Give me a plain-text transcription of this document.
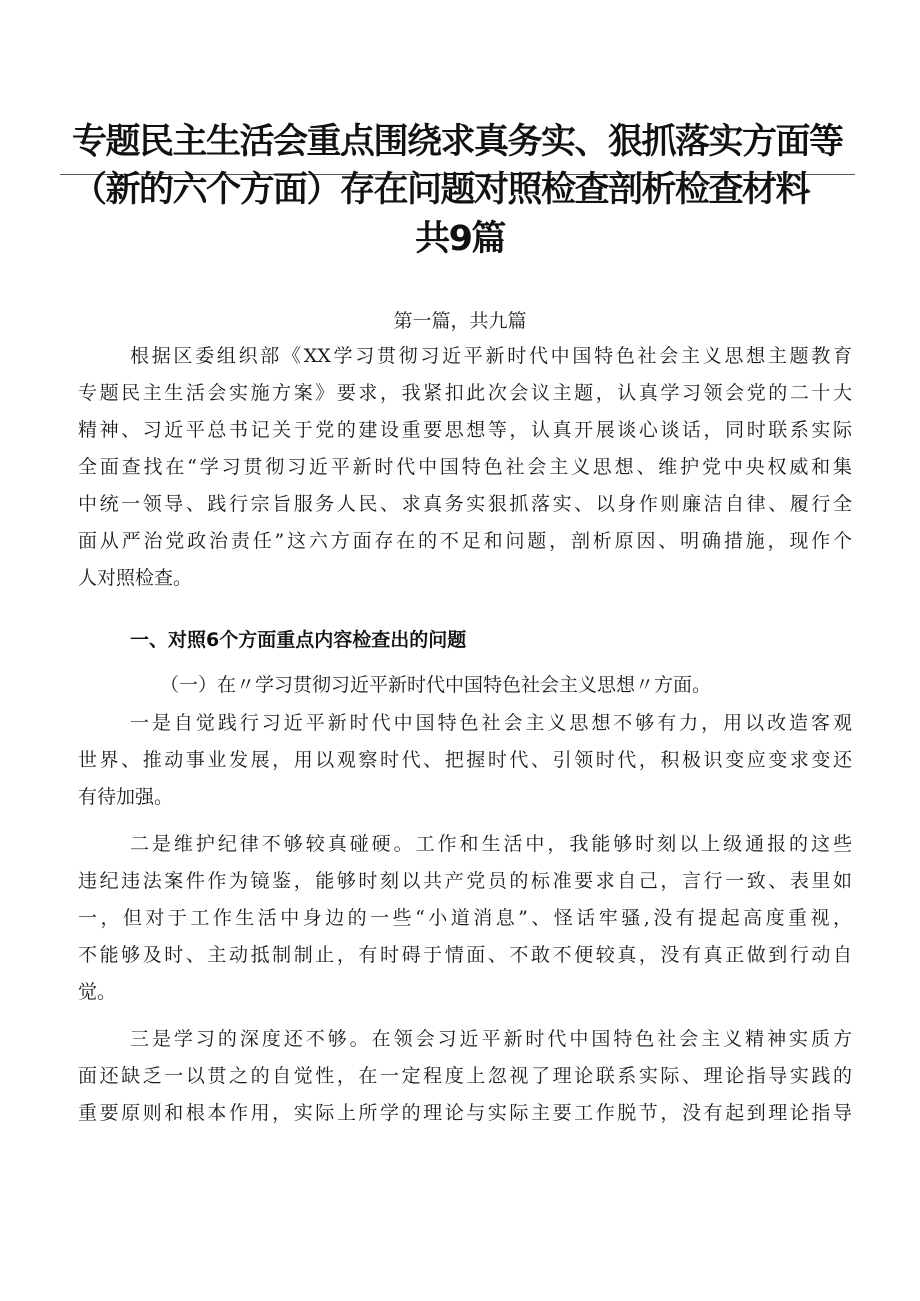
专题民主生活会重点围绕求真务实、狠抓落实方面等
（新的六个方面）存在问题对照检查剖析检查材料
共9篇
第一篇，共九篇
根据区委组织部《XX学习贯彻习近平新时代中国特色社会主义思想主题教育
专题民主生活会实施方案》要求，我紧扣此次会议主题，认真学习领会党的二十大
精神、习近平总书记关于党的建设重要思想等，认真开展谈心谈话，同时联系实际
全面查找在“学习贯彻习近平新时代中国特色社会主义思想、维护党中央权威和集
中统一领导、践行宗旨服务人民、求真务实狠抓落实、以身作则廉洁自律、履行全
面从严治党政治责任”这六方面存在的不足和问题，剖析原因、明确措施，现作个
人对照检查。
一、对照6个方面重点内容检查出的问题
（一）在〃学习贯彻习近平新时代中国特色社会主义思想〃方面。
一是自觉践行习近平新时代中国特色社会主义思想不够有力，用以改造客观
世界、推动事业发展，用以观察时代、把握时代、引领时代，积极识变应变求变还
有待加强。
二是维护纪律不够较真碰硬。工作和生活中，我能够时刻以上级通报的这些
违纪违法案件作为镜鉴，能够时刻以共产党员的标准要求自己，言行一致、表里如
一，但对于工作生活中身边的一些“小道消息”、怪话牢骚,没有提起高度重视，
不能够及时、主动抵制制止，有时碍于情面、不敢不便较真，没有真正做到行动自
觉。
三是学习的深度还不够。在领会习近平新时代中国特色社会主义精神实质方
面还缺乏一以贯之的自觉性，在一定程度上忽视了理论联系实际、理论指导实践的
重要原则和根本作用，实际上所学的理论与实际主要工作脱节，没有起到理论指导
